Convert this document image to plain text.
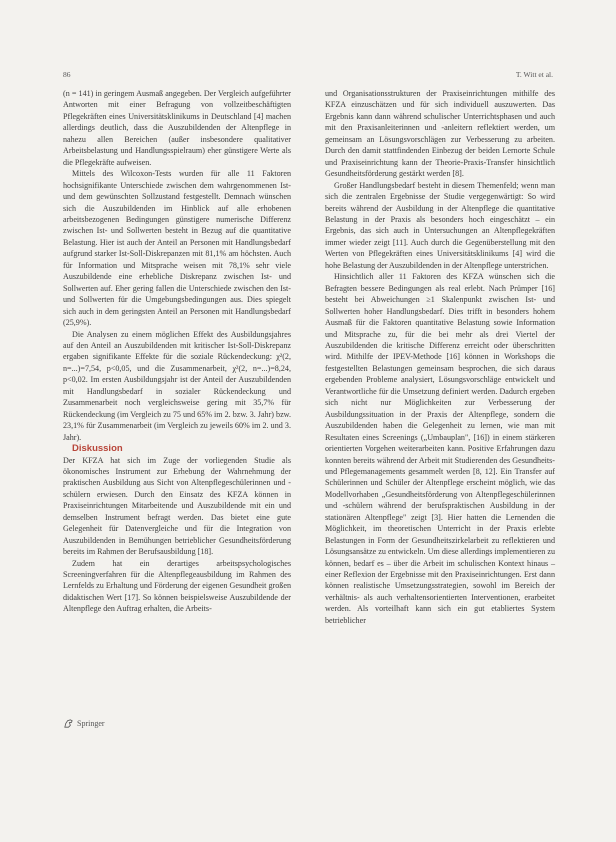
86	T. Witt et al.

(n = 141) in geringem Ausmaß angegeben. Der Vergleich aufgeführter Antworten mit einer Befragung von vollzeitbeschäftigten Pflegekräften eines Universitätsklinikums in Deutschland [4] machen allerdings deutlich, dass die Auszubildenden der Altenpflege in nahezu allen Bereichen (außer insbesondere qualitativer Arbeitsbelastung und Handlungsspielraum) eher günstigere Werte als die Pflegekräfte aufweisen.

Mittels des Wilcoxon-Tests wurden für alle 11 Faktoren hochsignifikante Unterschiede zwischen dem wahrgenommenen Ist- und dem gewünschten Sollzustand festgestellt. Demnach wünschen sich die Auszubildenden im Hinblick auf alle erhobenen arbeitsbezogenen Bedingungen günstigere numerische Differenz zwischen Ist- und Sollwerten besteht in Bezug auf die quantitative Belastung. Hier ist auch der Anteil an Personen mit Handlungsbedarf aufgrund starker Ist-Soll-Diskrepanzen mit 81,1% am höchsten. Auch für Information und Mitsprache weisen mit 78,1% sehr viele Auszubildende eine erhebliche Diskrepanz zwischen Ist- und Sollwerten auf. Eher gering fallen die Unterschiede zwischen den Ist- und Sollwerten für die Umgebungsbedingungen aus. Dies spiegelt sich auch in dem geringsten Anteil an Personen mit Handlungsbedarf (25,9%).

Die Analysen zu einem möglichen Effekt des Ausbildungsjahres auf den Anteil an Auszubildenden mit kritischer Ist-Soll-Diskrepanz ergaben signifikante Effekte für die soziale Rückendeckung: χ²(2, n=...)=7,54, p<0,05, und die Zusammenarbeit, χ²(2, n=...)=8,24, p<0,02. Im ersten Ausbildungsjahr ist der Anteil der Auszubildenden mit Handlungsbedarf in sozialer Rückendeckung und Zusammenarbeit noch vergleichsweise gering mit 35,7% für Rückendeckung (im Vergleich zu 75 und 65% im 2. bzw. 3. Jahr) bzw. 23,1% für Zusammenarbeit (im Vergleich zu jeweils 60% im 2. und 3. Jahr).

Diskussion

Der KFZA hat sich im Zuge der vorliegenden Studie als ökonomisches Instrument zur Erhebung der Wahrnehmung der praktischen Ausbildung aus Sicht von Altenpflegeschülerinnen und -schülern erwiesen. Durch den Einsatz des KFZA können in Praxiseinrichtungen Mitarbeitende und Auszubildende mit ein und demselben Instrument befragt werden. Das bietet eine gute Gelegenheit für Datenvergleiche und für die Integration von Auszubildenden in Bemühungen betrieblicher Gesundheitsförderung bereits im Rahmen der Berufsausbildung [18].

Zudem hat ein derartiges arbeitspsychologisches Screeningverfahren für die Altenpflegeausbildung im Rahmen des Lernfelds zu Erhaltung und Förderung der eigenen Gesundheit großen didaktischen Wert [17]. So können beispielsweise Auszubildende der Altenpflege den Auftrag erhalten, die Arbeits-

und Organisationsstrukturen der Praxiseinrichtungen mithilfe des KFZA einzuschätzen und für sich individuell auszuwerten. Das Ergebnis kann dann während schulischer Unterrichtsphasen und auch mit den Praxisanleiterinnen und -anleitern reflektiert werden, um gemeinsam an Lösungsvorschlägen zur Verbesserung zu arbeiten. Durch den damit stattfindenden Einbezug der beiden Lernorte Schule und Praxiseinrichtung kann der Theorie-Praxis-Transfer hinsichtlich Gesundheitsförderung gestärkt werden [8].

Großer Handlungsbedarf besteht in diesem Themenfeld; wenn man sich die zentralen Ergebnisse der Studie vergegenwärtigt: So wird bereits während der Ausbildung in der Altenpflege die quantitative Belastung in der Praxis als besonders hoch eingeschätzt – ein Ergebnis, das sich auch in Untersuchungen an Altenpflegekräften immer wieder zeigt [11]. Auch durch die Gegenüberstellung mit den Werten von Pflegekräften eines Universitätsklinikums [4] wird die hohe Belastung der Auszubildenden in der Altenpflege unterstrichen.

Hinsichtlich aller 11 Faktoren des KFZA wünschen sich die Befragten bessere Bedingungen als real erlebt. Nach Prümper [16] besteht bei Abweichungen ≥1 Skalenpunkt zwischen Ist- und Sollwerten hoher Handlungsbedarf. Dies trifft in besonders hohem Ausmaß für die Faktoren quantitative Belastung sowie Information und Mitsprache zu, für die bei mehr als drei Viertel der Auszubildenden die kritische Differenz erreicht oder überschritten wird. Mithilfe der IPEV-Methode [16] können in Workshops die festgestellten Belastungen gemeinsam besprochen, die sich daraus ergebenden Probleme analysiert, Lösungsvorschläge entwickelt und Verantwortliche für die Umsetzung definiert werden. Dadurch ergeben sich nicht nur Möglichkeiten zur Verbesserung der Ausbildungssituation in der Praxis der Altenpflege, sondern die Auszubildenden haben die Gelegenheit zu lernen, wie man mit Resultaten eines Screenings („Umbauplan", [16]) in einem stärkeren orientierten Vorgehen weiterarbeiten kann. Positive Erfahrungen dazu konnten bereits während der Arbeit mit Studierenden des Gesundheits- und Pflegemanagements gesammelt werden [8, 12]. Ein Transfer auf Schülerinnen und Schüler der Altenpflege erscheint möglich, wie das Modellvorhaben „Gesundheitsförderung von Altenpflegeschülerinnen und -schülern während der berufspraktischen Ausbildung in der stationären Altenpflege" zeigt [3]. Hier hatten die Lernenden die Möglichkeit, im theoretischen Unterricht in der Praxis erlebte Belastungen in Form der Gesundheitszirkelarbeit zu reflektieren und Lösungsansätze zu entwickeln. Um diese allerdings implementieren zu können, bedarf es – über die Arbeit im schulischen Kontext hinaus – einer Reflexion der Ergebnisse mit den Praxiseinrichtungen. Erst dann können realistische Umsetzungsstrategien, sowohl im Bereich der verhältnis- als auch verhaltensorientierten Interventionen, erarbeitet werden. Als vorteilhaft kann sich ein gut etabliertes System betrieblicher

Springer
